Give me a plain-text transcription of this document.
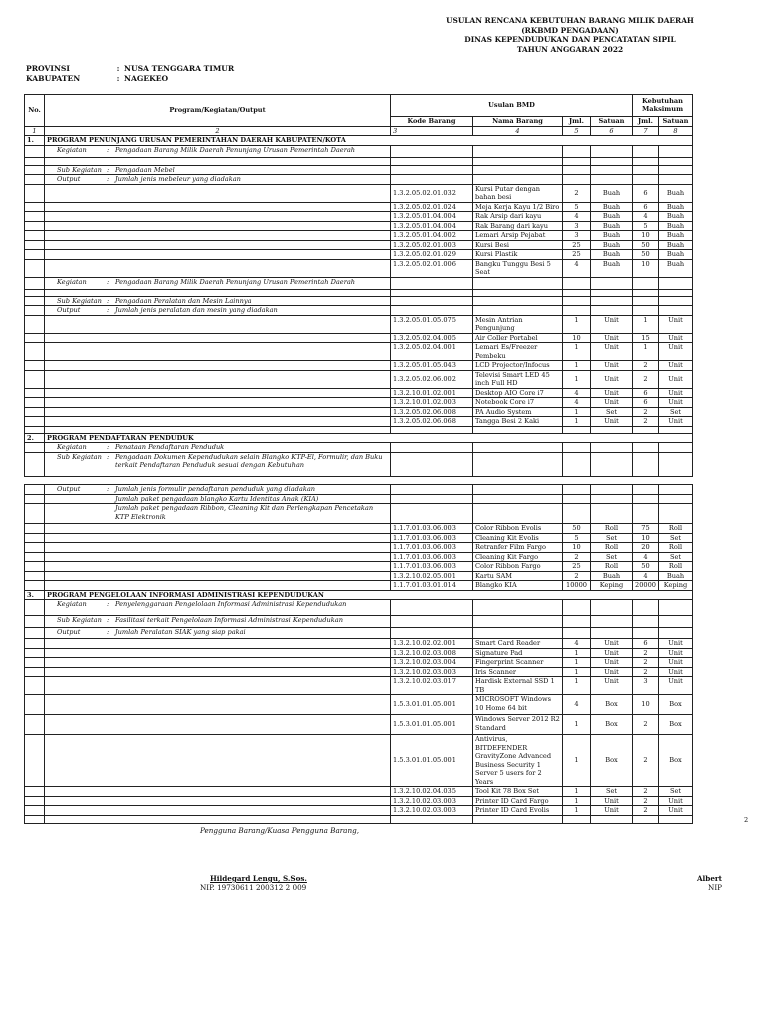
USULAN RENCANA KEBUTUHAN BARANG MILIK DAERAH
(RKBMD PENGADAAN)
DINAS KEPENDUDUKAN DAN PENCATATAN SIPIL
TAHUN ANGGARAN 2022
PROVINSI	: NUSA TENGGARA TIMUR
KABUPATEN	: NAGEKEO
No.	Program/Kegiatan/Output	Usulan BMD				Kebutuhan Maksimum	
		Kode Barang	Nama Barang	Jml.	Satuan	Jml.	Satuan
1	2	3	4	5	6	7	8
1.	PROGRAM PENUNJANG URUSAN PEMERINTAHAN DAERAH KABUPATEN/KOTA						

	Kegiatan : Pengadaan Barang Milik Daerah Penunjang Urusan Pemerintah Daerah						

	Sub Kegiatan : Pengadaan Mebel						

	Output : Jumlah jenis mebeleur yang diadakan						

		1.3.2.05.02.01.032	Kursi Putar dengan bahan besi	2	Buah	6	Buah
		1.3.2.05.02.01.024	Meja Kerja Kayu 1/2 Biro	5	Buah	6	Buah
		1.3.2.05.01.04.004	Rak Arsip dari kayu	4	Buah	4	Buah
		1.3.2.05.01.04.004	Rak Barang dari kayu	3	Buah	5	Buah
		1.3.2.05.01.04.002	Lemari Arsip Pejabat	3	Buah	10	Buah
		1.3.2.05.02.01.003	Kursi Besi	25	Buah	50	Buah
		1.3.2.05.02.01.029	Kursi Plastik	25	Buah	50	Buah
		1.3.2.05.02.01.006	Bangku Tunggu Besi 5 Seat	4	Buah	10	Buah

	Kegiatan : Pengadaan Barang Milik Daerah Penunjang Urusan Pemerintah Daerah						

	Sub Kegiatan : Pengadaan Peralatan dan Mesin Lainnya						

	Output : Jumlah jenis peralatan dan mesin yang diadakan						

		1.3.2.05.01.05.075	Mesin Antrian Pengunjung	1	Unit	1	Unit
		1.3.2.05.02.04.005	Air Coller Portabel	10	Unit	15	Unit
		1.3.2.05.02.04.001	Lemari Es/Freezer Pembeku	1	Unit	1	Unit
		1.3.2.05.01.05.043	LCD Projector/Infocus	1	Unit	2	Unit
		1.3.2.05.02.06.002	Televisi Smart LED 45 inch Full HD	1	Unit	2	Unit
		1.3.2.10.01.02.001	Desktop AIO Core i7	4	Unit	6	Unit
		1.3.2.10.01.02.003	Notebook Core i7	4	Unit	6	Unit
		1.3.2.05.02.06.008	PA Audio System	1	Set	2	Set
		1.3.2.05.02.06.068	Tangga Besi 2 Kaki	1	Unit	2	Unit

2.	PROGRAM PENDAFTARAN PENDUDUK						

	Kegiatan : Penataan Pendaftaran Penduduk						

	Sub Kegiatan : Pengadaan Dokumen Kependudukan selain Blangko KTP-El, Formulir, dan Buku terkait Pendaftaran Penduduk sesuai dengan Kebutuhan						

	Output : Jumlah jenis formulir pendaftaran penduduk yang diadakan						

	Jumlah paket pengadaan blangko Kartu Identitas Anak (KIA)						

	Jumlah paket pengadaan Ribbon, Cleaning Kit dan Perlengkapan Pencetakan KTP Elektronik						

		1.1.7.01.03.06.003	Color Ribbon Evolis	50	Roll	75	Roll
		1.1.7.01.03.06.003	Cleaning Kit Evolis	5	Set	10	Set
		1.1.7.01.03.06.003	Retranfer Film Fargo	10	Roll	20	Roll
		1.1.7.01.03.06.003	Cleaning Kit Fargo	2	Set	4	Set
		1.1.7.01.03.06.003	Color Ribbon Fargo	25	Roll	50	Roll
		1.3.2.10.02.05.001	Kartu SAM	2	Buah	4	Buah
		1.1.7.01.03.01.014	Blangko KIA	10000	Keping	20000	Keping
3.	PROGRAM PENGELOLAAN INFORMASI ADMINISTRASI KEPENDUDUKAN						

	Kegiatan : Penyelenggaraan Pengelolaan Informasi Administrasi Kependudukan						

	Sub Kegiatan : Fasilitasi terkait Pengelolaan Informasi Administrasi Kependudukan						

	Output : Jumlah Peralatan SIAK yang siap pakai						

		1.3.2.10.02.02.001	Smart Card Reader	4	Unit	6	Unit
		1.3.2.10.02.03.008	Signature Pad	1	Unit	2	Unit
		1.3.2.10.02.03.004	Fingerprint Scanner	1	Unit	2	Unit
		1.3.2.10.02.03.003	Iris Scanner	1	Unit	2	Unit
		1.3.2.10.02.03.017	Hardisk External SSD 1 TB	1	Unit	3	Unit
		1.5.3.01.01.05.001	MICROSOFT Windows 10 Home 64 bit	4	Box	10	Box
		1.5.3.01.01.05.001	Windows Server 2012 R2 Standard	1	Box	2	Box
		1.5.3.01.01.05.001	Antivirus, BITDEFENDER GravityZone Advanced Business Security 1 Server 5 users for 2 Years	1	Box	2	Box
		1.3.2.10.02.04.035	Tool Kit 78 Box Set	1	Set	2	Set
		1.3.2.10.02.03.003	Printer ID Card Fargo	1	Unit	2	Unit
		1.3.2.10.02.03.003	Printer ID Card Evolis	1	Unit	2	Unit

2
Pengguna Barang/Kuasa Pengguna Barang,
Hildegard Lengu, S.Sos.
NIP. 19730611 200312 2 009
Albert
NIP
